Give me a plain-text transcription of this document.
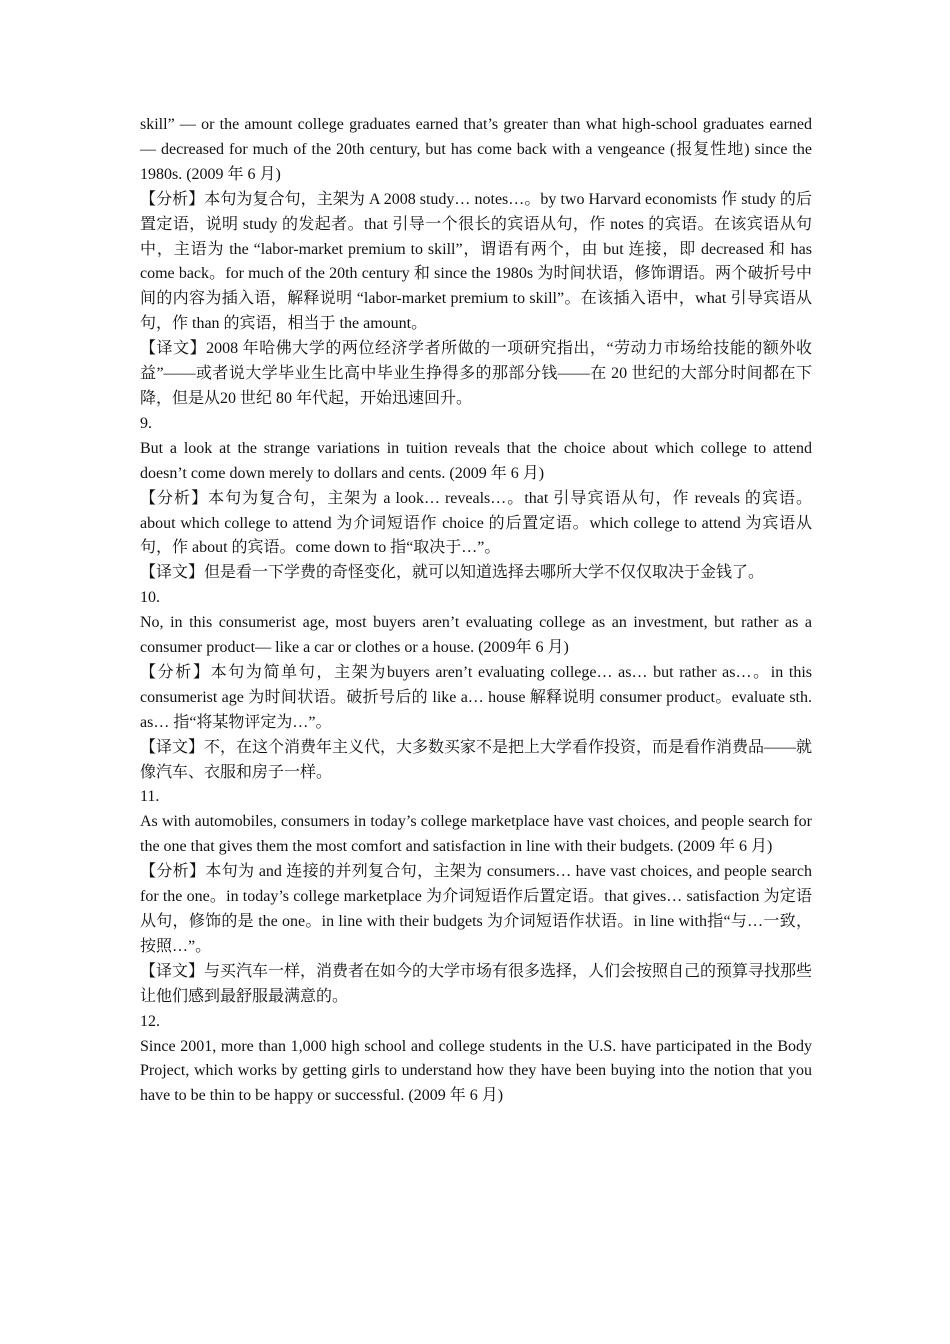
skill” — or the amount college graduates earned that’s greater than what high-school graduates earned — decreased for much of the 20th century, but has come back with a vengeance (报复性地) since the 1980s. (2009 年 6 月)

【分析】本句为复合句，主架为 A 2008 study… notes…。by two Harvard economists 作 study 的后置定语，说明 study 的发起者。that 引导一个很长的宾语从句，作 notes 的宾语。在该宾语从句中，主语为 the “labor-market premium to skill”，谓语有两个，由 but 连接，即 decreased 和 has come back。for much of the 20th century 和 since the 1980s 为时间状语，修饰谓语。两个破折号中间的内容为插入语，解释说明 “labor-market premium to skill”。在该插入语中，what 引导宾语从句，作 than 的宾语，相当于 the amount。

【译文】2008 年哈佛大学的两位经济学者所做的一项研究指出，“劳动力市场给技能的额外收益”——或者说大学毕业生比高中毕业生挣得多的那部分钱——在 20 世纪的大部分时间都在下降，但是从20 世纪 80 年代起，开始迅速回升。

9.

But a look at the strange variations in tuition reveals that the choice about which college to attend doesn’t come down merely to dollars and cents. (2009 年 6 月)

【分析】本句为复合句，主架为 a look… reveals…。that 引导宾语从句，作 reveals 的宾语。about which college to attend 为介词短语作 choice 的后置定语。which college to attend 为宾语从句，作 about 的宾语。come down to 指“取决于…”。

【译文】但是看一下学费的奇怪变化，就可以知道选择去哪所大学不仅仅取决于金钱了。

10.

No, in this consumerist age, most buyers aren’t evaluating college as an investment, but rather as a consumer product— like a car or clothes or a house. (2009年 6 月)

【分析】本句为简单句，主架为buyers aren’t evaluating college… as… but rather as…。in this consumerist age 为时间状语。破折号后的 like a… house 解释说明 consumer product。evaluate sth. as… 指“将某物评定为…”。

【译文】不，在这个消费年主义代，大多数买家不是把上大学看作投资，而是看作消费品——就像汽车、衣服和房子一样。

11.

As with automobiles, consumers in today’s college marketplace have vast choices, and people search for the one that gives them the most comfort and satisfaction in line with their budgets. (2009 年 6 月)

【分析】本句为 and 连接的并列复合句，主架为 consumers… have vast choices, and people search for the one。in today’s college marketplace 为介词短语作后置定语。that gives… satisfaction 为定语从句，修饰的是 the one。in line with their budgets 为介词短语作状语。in line with指“与…一致，按照…”。

【译文】与买汽车一样，消费者在如今的大学市场有很多选择，人们会按照自己的预算寻找那些让他们感到最舒服最满意的。

12.

Since 2001, more than 1,000 high school and college students in the U.S. have participated in the Body Project, which works by getting girls to understand how they have been buying into the notion that you have to be thin to be happy or successful. (2009 年 6 月)
